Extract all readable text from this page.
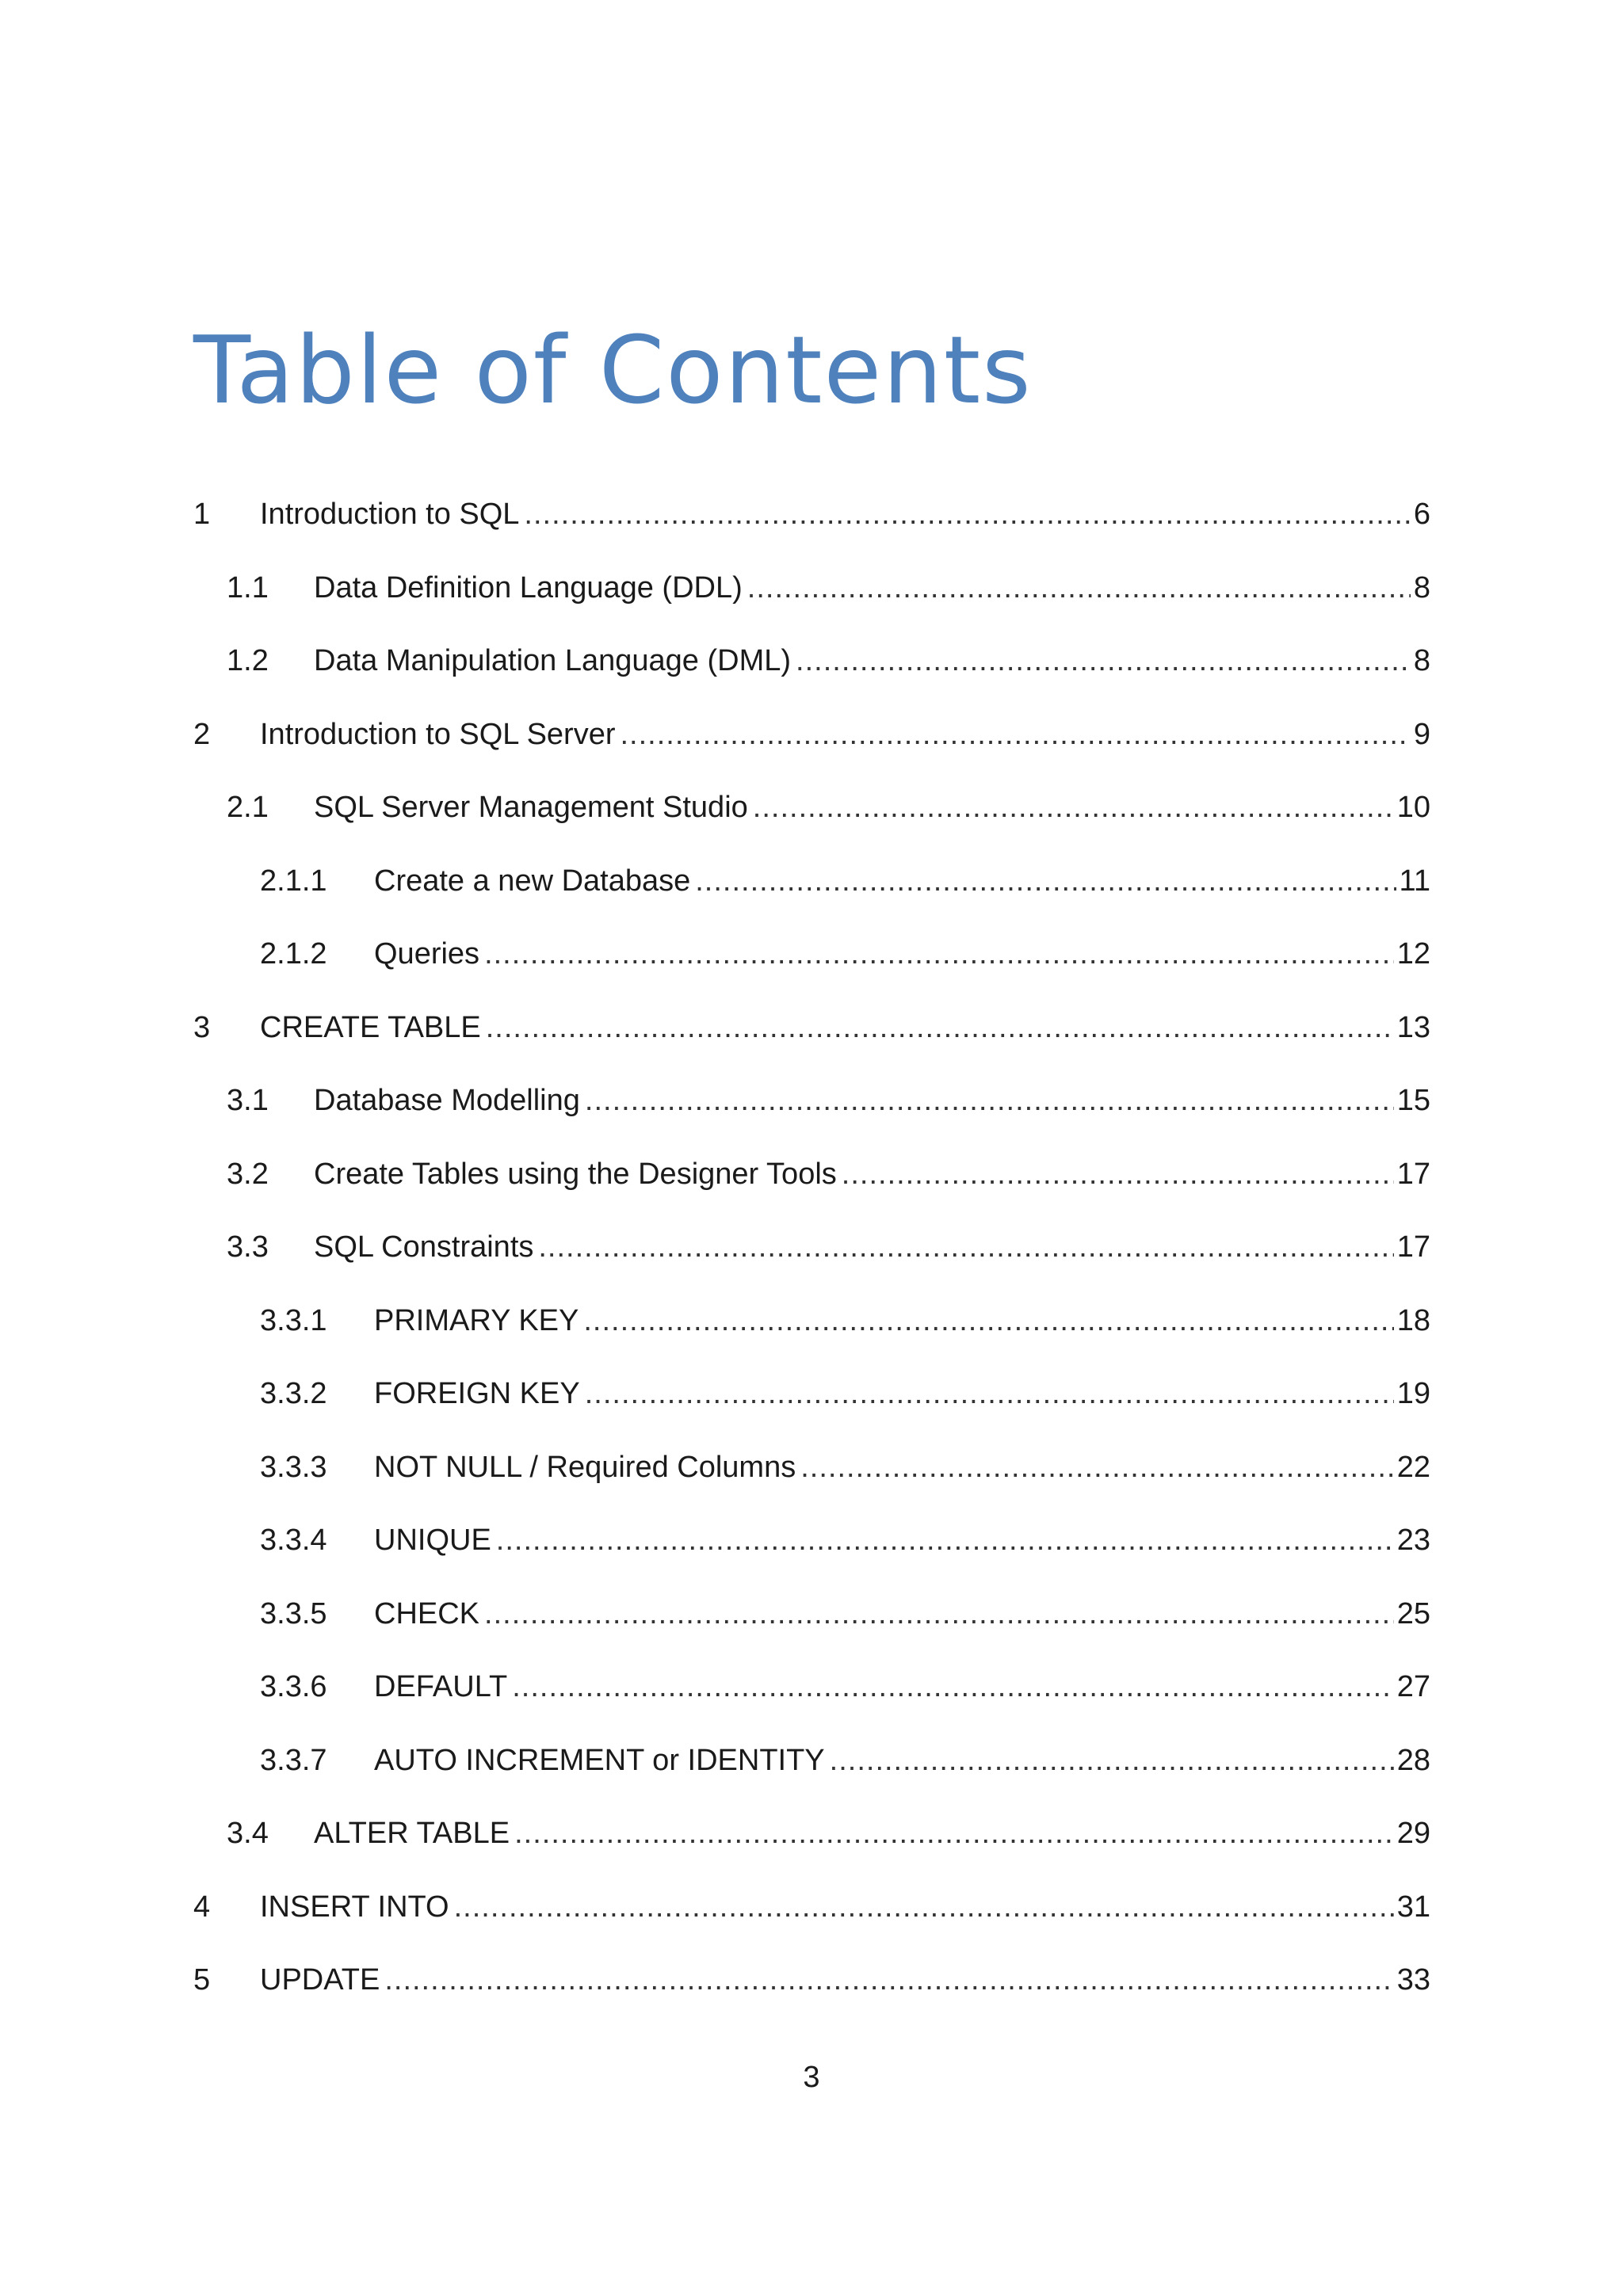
Table of Contents
1 Introduction to SQL .....	6
1.1 Data Definition Language (DDL) .....	8
1.2 Data Manipulation Language (DML) .....	8
2 Introduction to SQL Server .....	9
2.1 SQL Server Management Studio .....	10
2.1.1 Create a new Database .....	11
2.1.2 Queries .....	12
3 CREATE TABLE .....	13
3.1 Database Modelling .....	15
3.2 Create Tables using the Designer Tools .....	17
3.3 SQL Constraints .....	17
3.3.1 PRIMARY KEY .....	18
3.3.2 FOREIGN KEY .....	19
3.3.3 NOT NULL / Required Columns .....	22
3.3.4 UNIQUE .....	23
3.3.5 CHECK .....	25
3.3.6 DEFAULT .....	27
3.3.7 AUTO INCREMENT or IDENTITY .....	28
3.4 ALTER TABLE .....	29
4 INSERT INTO .....	31
5 UPDATE .....	33
3
